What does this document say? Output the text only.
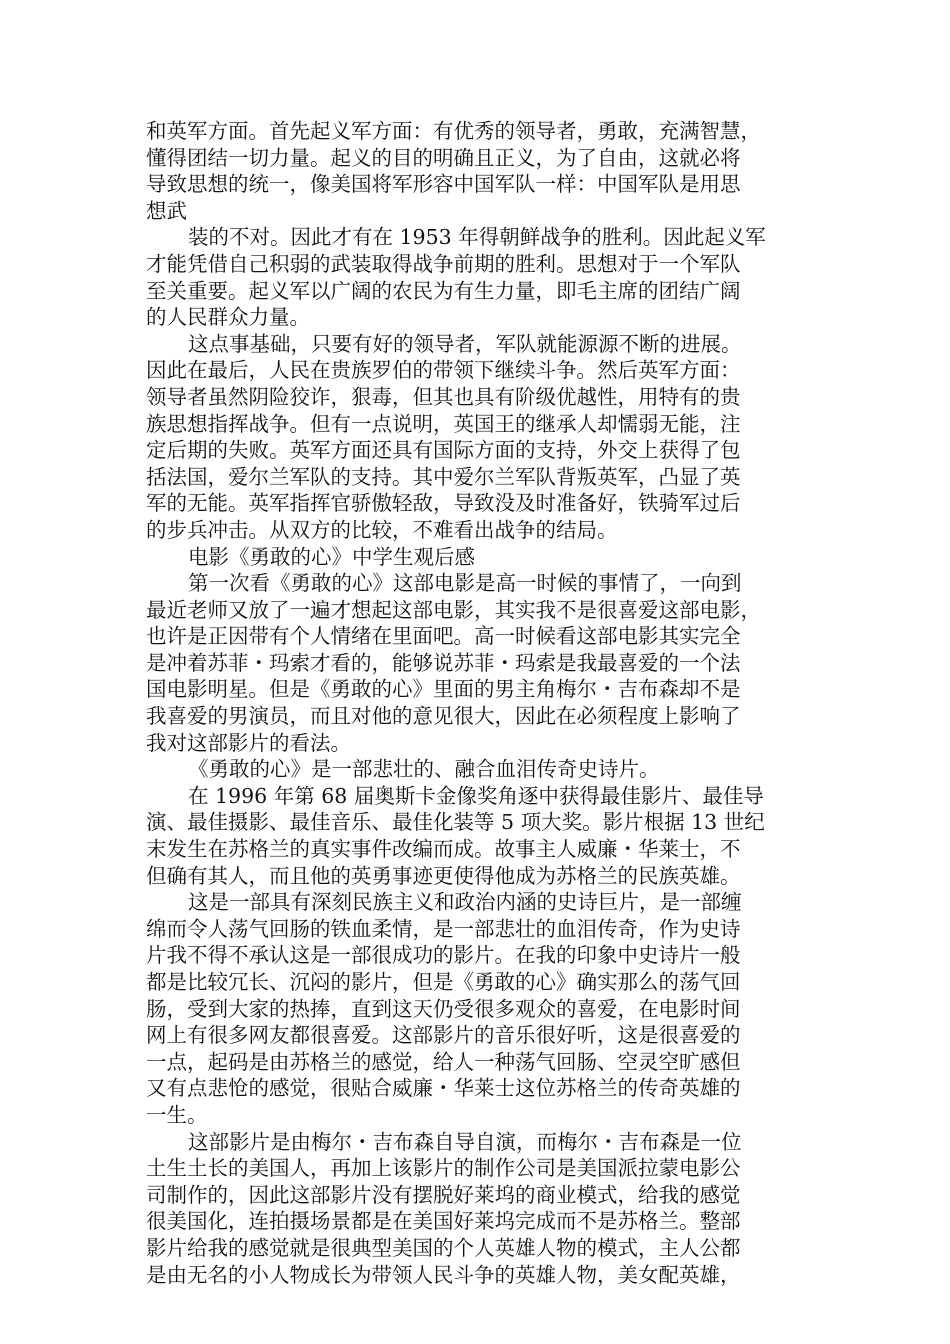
和英军方面。首先起义军方面：有优秀的领导者，勇敢，充满智慧，
懂得团结一切力量。起义的目的明确且正义，为了自由，这就必将
导致思想的统一，像美国将军形容中国军队一样：中国军队是用思
想武
装的不对。因此才有在 1953 年得朝鲜战争的胜利。因此起义军
才能凭借自己积弱的武装取得战争前期的胜利。思想对于一个军队
至关重要。起义军以广阔的农民为有生力量，即毛主席的团结广阔
的人民群众力量。
这点事基础，只要有好的领导者，军队就能源源不断的进展。
因此在最后，人民在贵族罗伯的带领下继续斗争。然后英军方面：
领导者虽然阴险狡诈，狠毒，但其也具有阶级优越性，用特有的贵
族思想指挥战争。但有一点说明，英国王的继承人却懦弱无能，注
定后期的失败。英军方面还具有国际方面的支持，外交上获得了包
括法国，爱尔兰军队的支持。其中爱尔兰军队背叛英军，凸显了英
军的无能。英军指挥官骄傲轻敌，导致没及时准备好，铁骑军过后
的步兵冲击。从双方的比较，不难看出战争的结局。
电影《勇敢的心》中学生观后感
第一次看《勇敢的心》这部电影是高一时候的事情了，一向到
最近老师又放了一遍才想起这部电影，其实我不是很喜爱这部电影，
也许是正因带有个人情绪在里面吧。高一时候看这部电影其实完全
是冲着苏菲・玛索才看的，能够说苏菲・玛索是我最喜爱的一个法
国电影明星。但是《勇敢的心》里面的男主角梅尔・吉布森却不是
我喜爱的男演员，而且对他的意见很大，因此在必须程度上影响了
我对这部影片的看法。
《勇敢的心》是一部悲壮的、融合血泪传奇史诗片。
在 1996 年第 68 届奥斯卡金像奖角逐中获得最佳影片、最佳导
演、最佳摄影、最佳音乐、最佳化装等 5 项大奖。影片根据 13 世纪
末发生在苏格兰的真实事件改编而成。故事主人威廉・华莱士，不
但确有其人，而且他的英勇事迹更使得他成为苏格兰的民族英雄。
这是一部具有深刻民族主义和政治内涵的史诗巨片，是一部缠
绵而令人荡气回肠的铁血柔情，是一部悲壮的血泪传奇，作为史诗
片我不得不承认这是一部很成功的影片。在我的印象中史诗片一般
都是比较冗长、沉闷的影片，但是《勇敢的心》确实那么的荡气回
肠，受到大家的热捧，直到这天仍受很多观众的喜爱，在电影时间
网上有很多网友都很喜爱。这部影片的音乐很好听，这是很喜爱的
一点，起码是由苏格兰的感觉，给人一种荡气回肠、空灵空旷感但
又有点悲怆的感觉，很贴合威廉・华莱士这位苏格兰的传奇英雄的
一生。
这部影片是由梅尔・吉布森自导自演，而梅尔・吉布森是一位
土生土长的美国人，再加上该影片的制作公司是美国派拉蒙电影公
司制作的，因此这部影片没有摆脱好莱坞的商业模式，给我的感觉
很美国化，连拍摄场景都是在美国好莱坞完成而不是苏格兰。整部
影片给我的感觉就是很典型美国的个人英雄人物的模式，主人公都
是由无名的小人物成长为带领人民斗争的英雄人物，美女配英雄，
